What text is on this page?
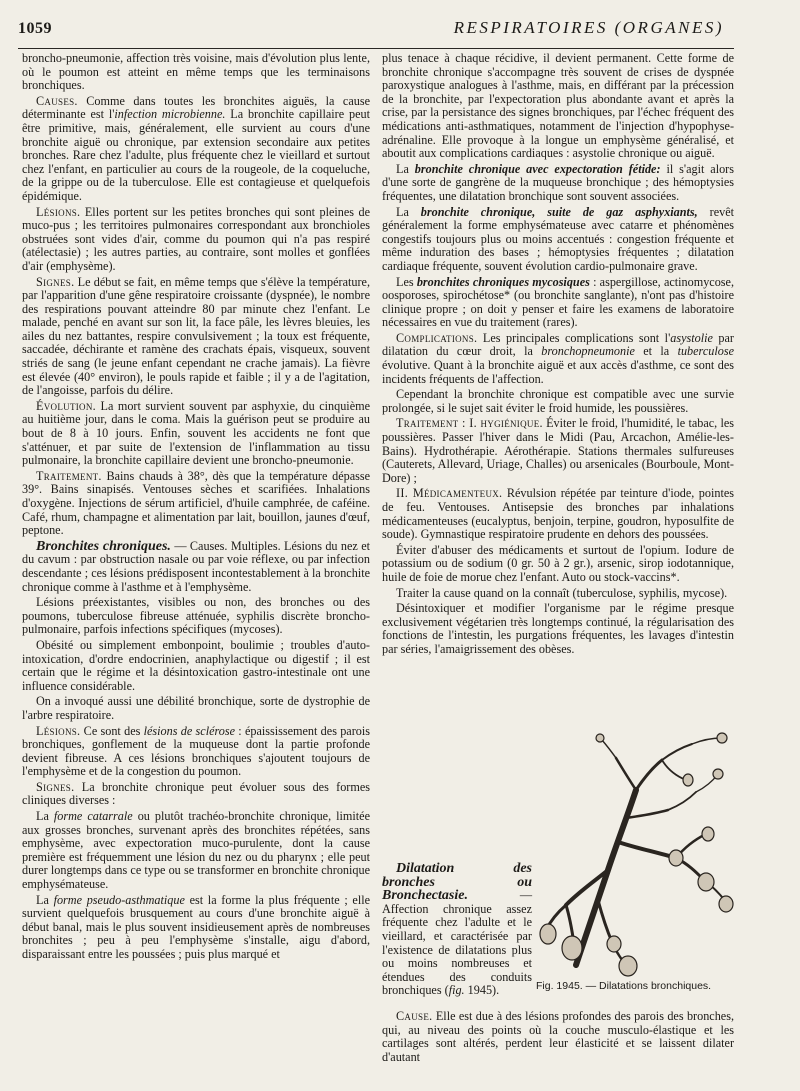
1059	RESPIRATOIRES (ORGANES)

broncho-pneumonie, affection très voisine, mais d'évolution plus lente, où le poumon est atteint en même temps que les terminaisons bronchiques.

Causes. Comme dans toutes les bronchites aiguës, la cause déterminante est l'infection microbienne. La bronchite capillaire peut être primitive, mais, généralement, elle survient au cours d'une bronchite aiguë ou chronique, par extension secondaire aux petites bronches. Rare chez l'adulte, plus fréquente chez le vieillard et surtout chez l'enfant, en particulier au cours de la rougeole, de la coqueluche, de la grippe ou de la tuberculose. Elle est contagieuse et quelquefois épidémique.

Lésions. Elles portent sur les petites bronches qui sont pleines de muco-pus ; les territoires pulmonaires correspondant aux bronchioles obstruées sont vides d'air, comme du poumon qui n'a pas respiré (atélectasie) ; les autres parties, au contraire, sont molles et gonflées d'air (emphysème).

Signes. Le début se fait, en même temps que s'élève la température, par l'apparition d'une gêne respiratoire croissante (dyspnée), le nombre des respirations pouvant atteindre 80 par minute chez l'enfant. Le malade, penché en avant sur son lit, la face pâle, les lèvres bleuies, les ailes du nez battantes, respire convulsivement ; la toux est fréquente, saccadée, déchirante et ramène des crachats épais, visqueux, souvent striés de sang (le jeune enfant cependant ne crache jamais). La fièvre est élevée (40° environ), le pouls rapide et faible ; il y a de l'agitation, de l'angoisse, parfois du délire.

Évolution. La mort survient souvent par asphyxie, du cinquième au huitième jour, dans le coma. Mais la guérison peut se produire au bout de 8 à 10 jours. Enfin, souvent les accidents ne font que s'atténuer, et par suite de l'extension de l'inflammation au tissu pulmonaire, la bronchite capillaire devient une broncho-pneumonie.

Traitement. Bains chauds à 38°, dès que la température dépasse 39°. Bains sinapisés. Ventouses sèches et scarifiées. Inhalations d'oxygène. Injections de sérum artificiel, d'huile camphrée, de caféine. Café, rhum, champagne et alimentation par lait, bouillon, jaunes d'œuf, peptone.

Bronchites chroniques. — Causes. Multiples. Lésions du nez et du cavum : par obstruction nasale ou par voie réflexe, ou par infection descendante ; ces lésions prédisposent incontestablement à la bronchite chronique comme à l'asthme et à l'emphysème.

Lésions préexistantes, visibles ou non, des bronches ou des poumons, tuberculose fibreuse atténuée, syphilis discrète broncho-pulmonaire, parfois infections spécifiques (mycoses).

Obésité ou simplement embonpoint, boulimie ; troubles d'auto-intoxication, d'ordre endocrinien, anaphylactique ou digestif ; il est certain que le régime et la désintoxication gastro-intestinale ont une influence considérable.

On a invoqué aussi une débilité bronchique, sorte de dystrophie de l'arbre respiratoire.

Lésions. Ce sont des lésions de sclérose : épaississement des parois bronchiques, gonflement de la muqueuse dont la partie profonde devient fibreuse. A ces lésions bronchiques s'ajoutent toujours de l'emphysème et de la congestion du poumon.

Signes. La bronchite chronique peut évoluer sous des formes cliniques diverses :

La forme catarrale ou plutôt trachéo-bronchite chronique, limitée aux grosses bronches, survenant après des bronchites répétées, sans emphysème, avec expectoration muco-purulente, dont la cause première est fréquemment une lésion du nez ou du pharynx ; elle peut durer longtemps dans ce type ou se transformer en bronchite chronique emphysémateuse.

La forme pseudo-asthmatique est la forme la plus fréquente ; elle survient quelquefois brusquement au cours d'une bronchite aiguë à début banal, mais le plus souvent insidieusement après de nombreuses bronchites ; peu à peu l'emphysème s'installe, aigu d'abord, disparaissant entre les poussées ; puis plus marqué et

plus tenace à chaque récidive, il devient permanent. Cette forme de bronchite chronique s'accompagne très souvent de crises de dyspnée paroxystique analogues à l'asthme, mais, en différant par la précession de la bronchite, par l'expectoration plus abondante avant et après la crise, par la persistance des signes bronchiques, par l'échec fréquent des médications anti-asthmatiques, notamment de l'injection d'hypophyse-adrénaline. Elle provoque à la longue un emphysème généralisé, et aboutit aux complications cardiaques : asystolie chronique ou aiguë.

La bronchite chronique avec expectoration fétide: il s'agit alors d'une sorte de gangrène de la muqueuse bronchique ; des hémoptysies fréquentes, une dilatation bronchique sont souvent associées.

La bronchite chronique, suite de gaz asphyxiants, revêt généralement la forme emphysémateuse avec catarre et phénomènes congestifs toujours plus ou moins accentués : congestion fréquente et même induration des bases ; hémoptysies fréquentes ; dilatation cardiaque fréquente, souvent évolution cardio-pulmonaire grave.

Les bronchites chroniques mycosiques : aspergillose, actinomycose, oosporoses, spirochétose* (ou bronchite sanglante), n'ont pas d'histoire clinique propre ; on doit y penser et faire les examens de laboratoire nécessaires en vue du traitement (rares).

Complications. Les principales complications sont l'asystolie par dilatation du cœur droit, la bronchopneumonie et la tuberculose évolutive. Quant à la bronchite aiguë et aux accès d'asthme, ce sont des incidents fréquents de l'affection.

Cependant la bronchite chronique est compatible avec une survie prolongée, si le sujet sait éviter le froid humide, les poussières.

Traitement : I. hygiénique. Éviter le froid, l'humidité, le tabac, les poussières. Passer l'hiver dans le Midi (Pau, Arcachon, Amélie-les-Bains). Hydrothérapie. Aérothérapie. Stations thermales sulfureuses (Cauterets, Allevard, Uriage, Challes) ou arsenicales (Bourboule, Mont-Dore) ;

II. Médicamenteux. Révulsion répétée par teinture d'iode, pointes de feu. Ventouses. Antisepsie des bronches par inhalations médicamenteuses (eucalyptus, benjoin, terpine, goudron, hyposulfite de soude). Gymnastique respiratoire prudente en dehors des poussées.

Éviter d'abuser des médicaments et surtout de l'opium. Iodure de potassium ou de sodium (0 gr. 50 à 2 gr.), arsenic, sirop iodotannique, huile de foie de morue chez l'enfant. Auto ou stock-vaccins*.

Traiter la cause quand on la connaît (tuberculose, syphilis, mycose).

Désintoxiquer et modifier l'organisme par le régime presque exclusivement végétarien très longtemps continué, la régularisation des fonctions de l'intestin, les purgations fréquentes, les lavages d'intestin par séries, l'amaigrissement des obèses.

Fig. 1945. — Dilatations bronchiques.

Dilatation des bronches ou Bronchectasie. — Affection chronique assez fréquente chez l'adulte et le vieillard, et caractérisée par l'existence de dilatations plus ou moins nombreuses et étendues des conduits bronchiques (fig. 1945).

Cause. Elle est due à des lésions profondes des parois des bronches, qui, au niveau des points où la couche musculo-élastique et les cartilages sont altérés, perdent leur élasticité et se laissent dilater d'autant
